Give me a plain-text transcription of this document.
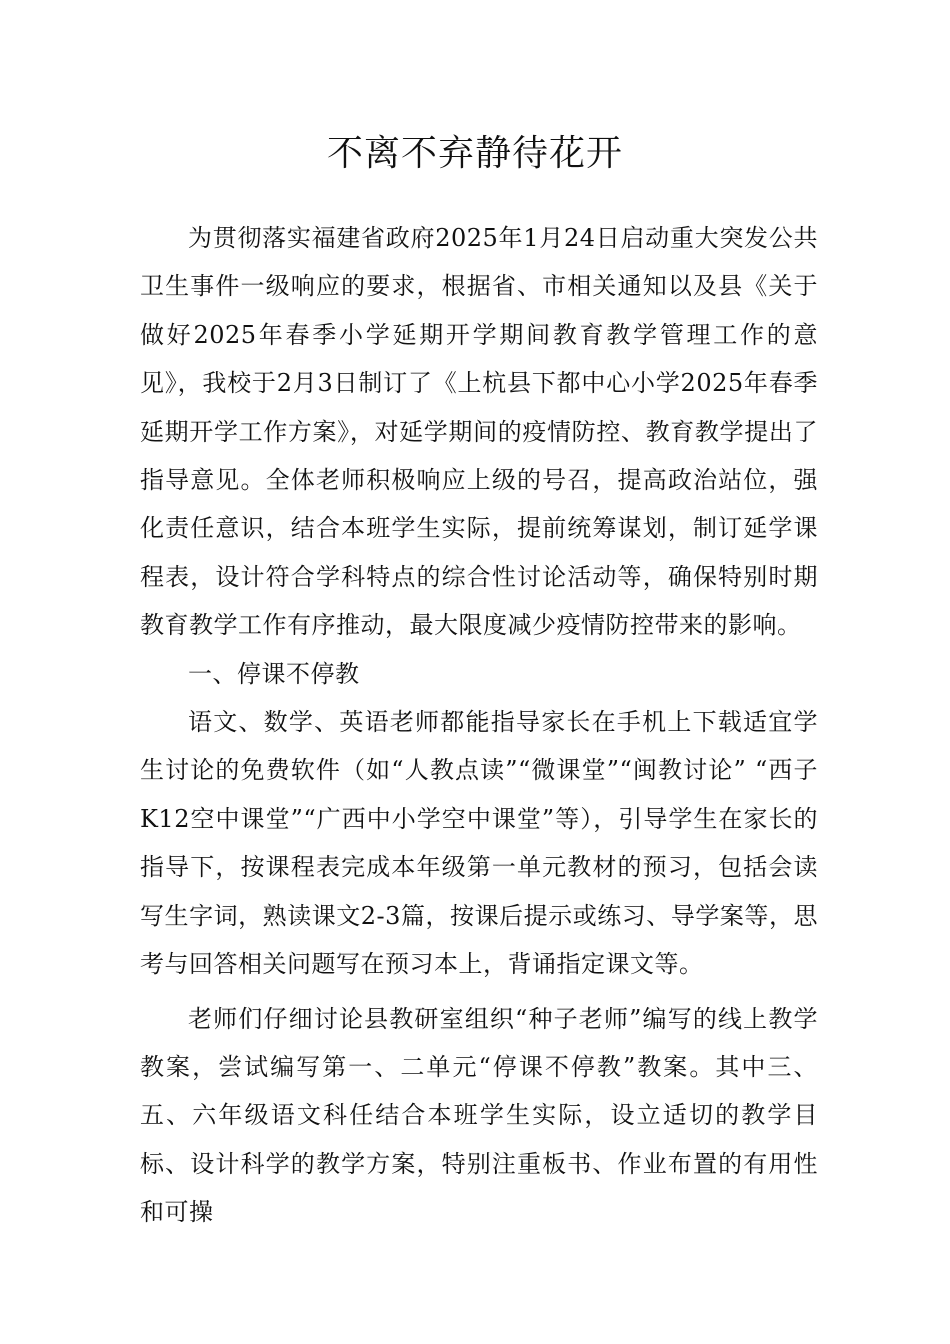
不离不弃静待花开

为贯彻落实福建省政府2025年1月24日启动重大突发公共卫生事件一级响应的要求，根据省、市相关通知以及县《关于做好2025年春季小学延期开学期间教育教学管理工作的意见》，我校于2月3日制订了《上杭县下都中心小学2025年春季延期开学工作方案》，对延学期间的疫情防控、教育教学提出了指导意见。全体老师积极响应上级的号召，提高政治站位，强化责任意识，结合本班学生实际，提前统筹谋划，制订延学课程表，设计符合学科特点的综合性讨论活动等，确保特别时期教育教学工作有序推动，最大限度减少疫情防控带来的影响。

一、停课不停教

语文、数学、英语老师都能指导家长在手机上下载适宜学生讨论的免费软件（如“人教点读”“微课堂”“闽教讨论” “西子K12空中课堂”“广西中小学空中课堂”等），引导学生在家长的指导下，按课程表完成本年级第一单元教材的预习，包括会读写生字词，熟读课文2-3篇，按课后提示或练习、导学案等，思考与回答相关问题写在预习本上，背诵指定课文等。

老师们仔细讨论县教研室组织“种子老师”编写的线上教学教案，尝试编写第一、二单元“停课不停教”教案。其中三、五、六年级语文科任结合本班学生实际，设立适切的教学目标、设计科学的教学方案，特别注重板书、作业布置的有用性和可操
